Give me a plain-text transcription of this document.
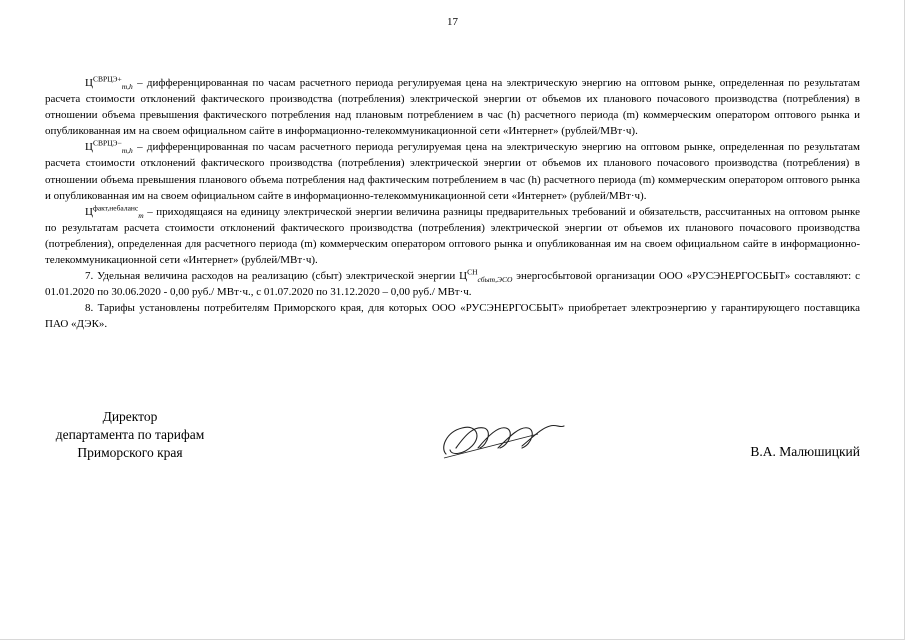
17

$Ц^{СВРЦЭ+}_{m,h}$ – дифференцированная по часам расчетного периода регулируемая цена на электрическую энергию на оптовом рынке, определенная по результатам расчета стоимости отклонений фактического производства (потребления) электрической энергии от объемов их планового почасового производства (потребления) в отношении объема превышения фактического потребления над плановым потреблением в час (h) расчетного периода (m) коммерческим оператором оптового рынка и опубликованная им на своем официальном сайте в информационно-телекоммуникационной сети «Интернет» (рублей/МВт·ч).

$Ц^{СВРЦЭ-}_{m,h}$ – дифференцированная по часам расчетного периода регулируемая цена на электрическую энергию на оптовом рынке, определенная по результатам расчета стоимости отклонений фактического производства (потребления) электрической энергии от объемов их планового почасового производства (потребления) в отношении объема превышения планового объема потребления над фактическим потреблением в час (h) расчетного периода (m) коммерческим оператором оптового рынка и опубликованная им на своем официальном сайте в информационно-телекоммуникационной сети «Интернет» (рублей/МВт·ч).

$Ц^{факт,небаланс}_m$ – приходящаяся на единицу электрической энергии величина разницы предварительных требований и обязательств, рассчитанных на оптовом рынке по результатам расчета стоимости отклонений фактического производства (потребления) электрической энергии от объемов их планового почасового производства (потребления), определенная для расчетного периода (m) коммерческим оператором оптового рынка и опубликованная им на своем официальном сайте в информационно-телекоммуникационной сети «Интернет» (рублей/МВт·ч).

7. Удельная величина расходов на реализацию (сбыт) электрической энергии $Ц^{СН}_{сбыт,ЭСО}$ энергосбытовой организации ООО «РУСЭНЕРГОСБЫТ» составляют: с 01.01.2020 по 30.06.2020 - 0,00 руб./ МВт·ч., с 01.07.2020 по 31.12.2020 – 0,00 руб./ МВт·ч.

8. Тарифы установлены потребителям Приморского края, для которых ООО «РУСЭНЕРГОСБЫТ» приобретает электроэнергию у гарантирующего поставщика ПАО «ДЭК».

Директор
департамента по тарифам
Приморского края	В.А. Малюшицкий
